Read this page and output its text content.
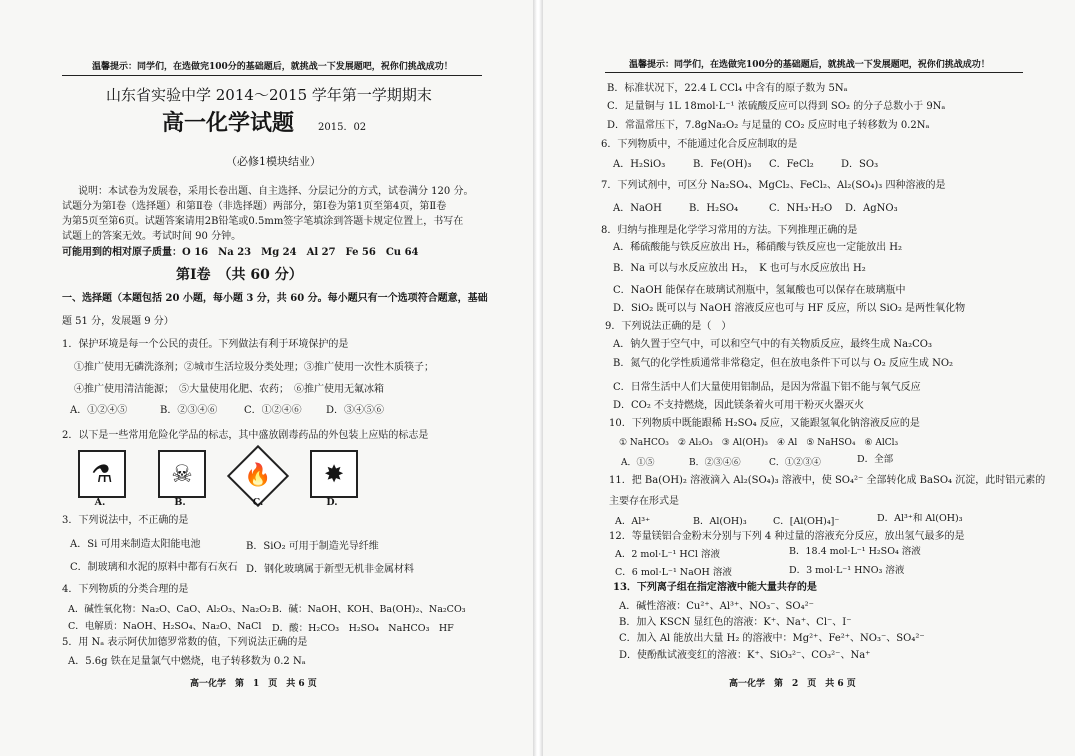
温馨提示：同学们，在选做完100分的基础题后，就挑战一下发展题吧，祝你们挑战成功！
山东省实验中学 2014～2015 学年第一学期期末
高一化学试题 2015．02
（必修1模块结业）
说明：本试卷为发展卷，采用长卷出题、自主选择、分层记分的方式，试卷满分 120 分。
试题分为第Ⅰ卷（选择题）和第Ⅱ卷（非选择题）两部分，第Ⅰ卷为第1页至第4页，第Ⅱ卷
为第5页至第6页。试题答案请用2B铅笔或0.5mm签字笔填涂到答题卡规定位置上，书写在
试题上的答案无效。考试时间 90 分钟。
可能用到的相对原子质量：O 16　Na 23　Mg 24　Al 27　Fe 56　Cu 64
第Ⅰ卷　（共 60 分）
一、选择题（本题包括 20 小题，每小题 3 分，共 60 分。每小题只有一个选项符合题意，基础
题 51 分，发展题 9 分）
1．保护环境是每一个公民的责任。下列做法有利于环境保护的是
①推广使用无磷洗涤剂；②城市生活垃圾分类处理；③推广使用一次性木质筷子；
④推广使用清洁能源；　⑤大量使用化肥、农药；　⑥推广使用无氟冰箱
A．①②④⑤	B．②③④⑥	C．①②④⑥ D．③④⑤⑥
2．以下是一些常用危险化学品的标志，其中盛放剧毒药品的外包装上应贴的标志是
⚗	☠	🔥	✸
A.	B.	C.	D.
3．下列说法中，不正确的是
A．Si 可用来制造太阳能电池	B．SiO₂ 可用于制造光导纤维
C．制玻璃和水泥的原料中都有石灰石 D．钢化玻璃属于新型无机非金属材料
4．下列物质的分类合理的是
A．碱性氧化物：Na₂O、CaO、Al₂O₃、Na₂O₂ B．碱：NaOH、KOH、Ba(OH)₂、Na₂CO₃
C．电解质：NaOH、H₂SO₄、Na₂O、NaCl D．酸：H₂CO₃　H₂SO₄　NaHCO₃　HF
5．用 Nₐ 表示阿伏加德罗常数的值，下列说法正确的是
A．5.6g 铁在足量氯气中燃烧，电子转移数为 0.2 Nₐ
高一化学　第　1　页　共 6 页
温馨提示：同学们，在选做完100分的基础题后，就挑战一下发展题吧，祝你们挑战成功！
B．标准状况下，22.4 L CCl₄ 中含有的原子数为 5Nₐ
C．足量铜与 1L 18mol·L⁻¹ 浓硫酸反应可以得到 SO₂ 的分子总数小于 9Nₐ
D．常温常压下，7.8gNa₂O₂ 与足量的 CO₂ 反应时电子转移数为 0.2Nₐ
6．下列物质中，不能通过化合反应制取的是
A．H₂SiO₃	B．Fe(OH)₃ C．FeCl₂	D．SO₃
7．下列试剂中，可区分 Na₂SO₄、MgCl₂、FeCl₂、Al₂(SO₄)₃ 四种溶液的是
A．NaOH	B．H₂SO₄	C．NH₃·H₂O D．AgNO₃
8．归纳与推理是化学学习常用的方法。下列推理正确的是
A．稀硫酸能与铁反应放出 H₂，稀硝酸与铁反应也一定能放出 H₂
B．Na 可以与水反应放出 H₂，　K 也可与水反应放出 H₂
C．NaOH 能保存在玻璃试剂瓶中，氢氟酸也可以保存在玻璃瓶中
D．SiO₂ 既可以与 NaOH 溶液反应也可与 HF 反应，所以 SiO₂ 是两性氧化物
9．下列说法正确的是（　）
A．钠久置于空气中，可以和空气中的有关物质反应，最终生成 Na₂CO₃
B．氮气的化学性质通常非常稳定，但在放电条件下可以与 O₂ 反应生成 NO₂
C．日常生活中人们大量使用铝制品，是因为常温下铝不能与氧气反应
D．CO₂ 不支持燃烧，因此镁条着火可用干粉灭火器灭火
10．下列物质中既能跟稀 H₂SO₄ 反应，又能跟氢氧化钠溶液反应的是
① NaHCO₃　② Al₂O₃　③ Al(OH)₃　④ Al　⑤ NaHSO₄　⑥ AlCl₃
A．①⑤	B．②③④⑥	C．①②③④	D．全部
11．把 Ba(OH)₂ 溶液滴入 Al₂(SO₄)₃ 溶液中，使 SO₄²⁻ 全部转化成 BaSO₄ 沉淀，此时铝元素的
主要存在形式是
A．Al³⁺	B．Al(OH)₃	C．[Al(OH)₄]⁻	D．Al³⁺和 Al(OH)₃
12．等量镁铝合金粉末分别与下列 4 种过量的溶液充分反应，放出氢气最多的是
A．2 mol·L⁻¹ HCl 溶液	B．18.4 mol·L⁻¹ H₂SO₄ 溶液
C．6 mol·L⁻¹ NaOH 溶液	D．3 mol·L⁻¹ HNO₃ 溶液
13．下列离子组在指定溶液中能大量共存的是
A．碱性溶液：Cu²⁺、Al³⁺、NO₃⁻、SO₄²⁻
B．加入 KSCN 显红色的溶液：K⁺、Na⁺、Cl⁻、I⁻
C．加入 Al 能放出大量 H₂ 的溶液中：Mg²⁺、Fe²⁺、NO₃⁻、SO₄²⁻
D．使酚酞试液变红的溶液：K⁺、SiO₃²⁻、CO₃²⁻、Na⁺
高一化学　第　2　页　共 6 页
